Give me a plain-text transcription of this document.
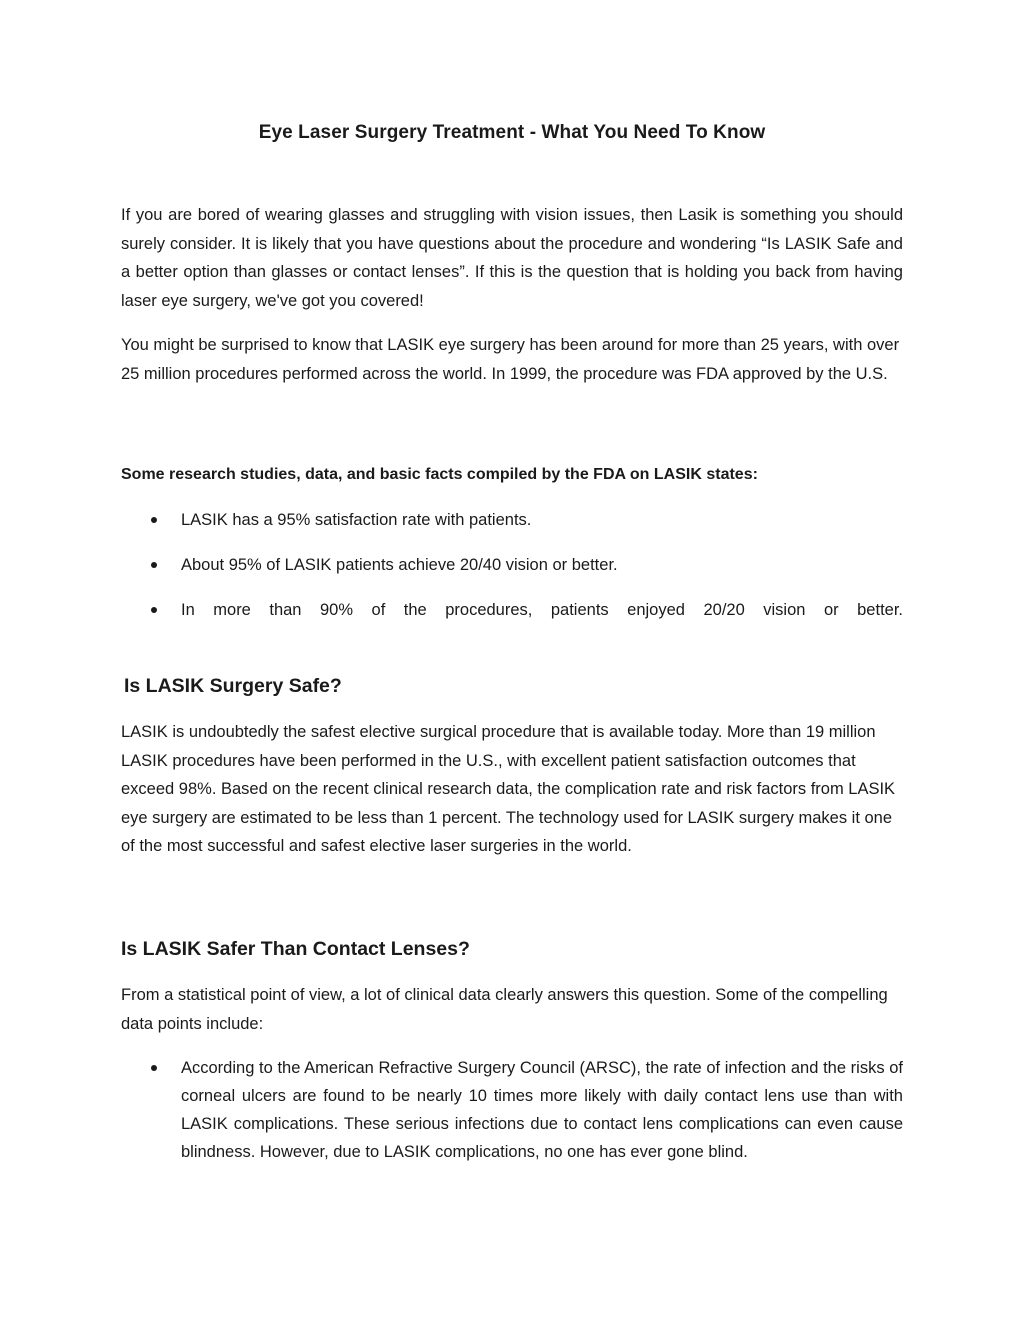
Eye Laser Surgery Treatment - What You Need To Know

If you are bored of wearing glasses and struggling with vision issues, then Lasik is something you should surely consider. It is likely that you have questions about the procedure and wondering “Is LASIK Safe and a better option than glasses or contact lenses”. If this is the question that is holding you back from having laser eye surgery, we've got you covered!

You might be surprised to know that LASIK eye surgery has been around for more than 25 years, with over 25 million procedures performed across the world. In 1999, the procedure was FDA approved by the U.S.

Some research studies, data, and basic facts compiled by the FDA on LASIK states:

LASIK has a 95% satisfaction rate with patients.
About 95% of LASIK patients achieve 20/40 vision or better.
In more than 90% of the procedures, patients enjoyed 20/20 vision or better.
Is LASIK Surgery Safe?

LASIK is undoubtedly the safest elective surgical procedure that is available today. More than 19 million LASIK procedures have been performed in the U.S., with excellent patient satisfaction outcomes that exceed 98%. Based on the recent clinical research data, the complication rate and risk factors from LASIK eye surgery are estimated to be less than 1 percent. The technology used for LASIK surgery makes it one of the most successful and safest elective laser surgeries in the world.

Is LASIK Safer Than Contact Lenses?

From a statistical point of view, a lot of clinical data clearly answers this question. Some of the compelling data points include:

According to the American Refractive Surgery Council (ARSC), the rate of infection and the risks of corneal ulcers are found to be nearly 10 times more likely with daily contact lens use than with LASIK complications. These serious infections due to contact lens complications can even cause blindness. However, due to LASIK complications, no one has ever gone blind.
